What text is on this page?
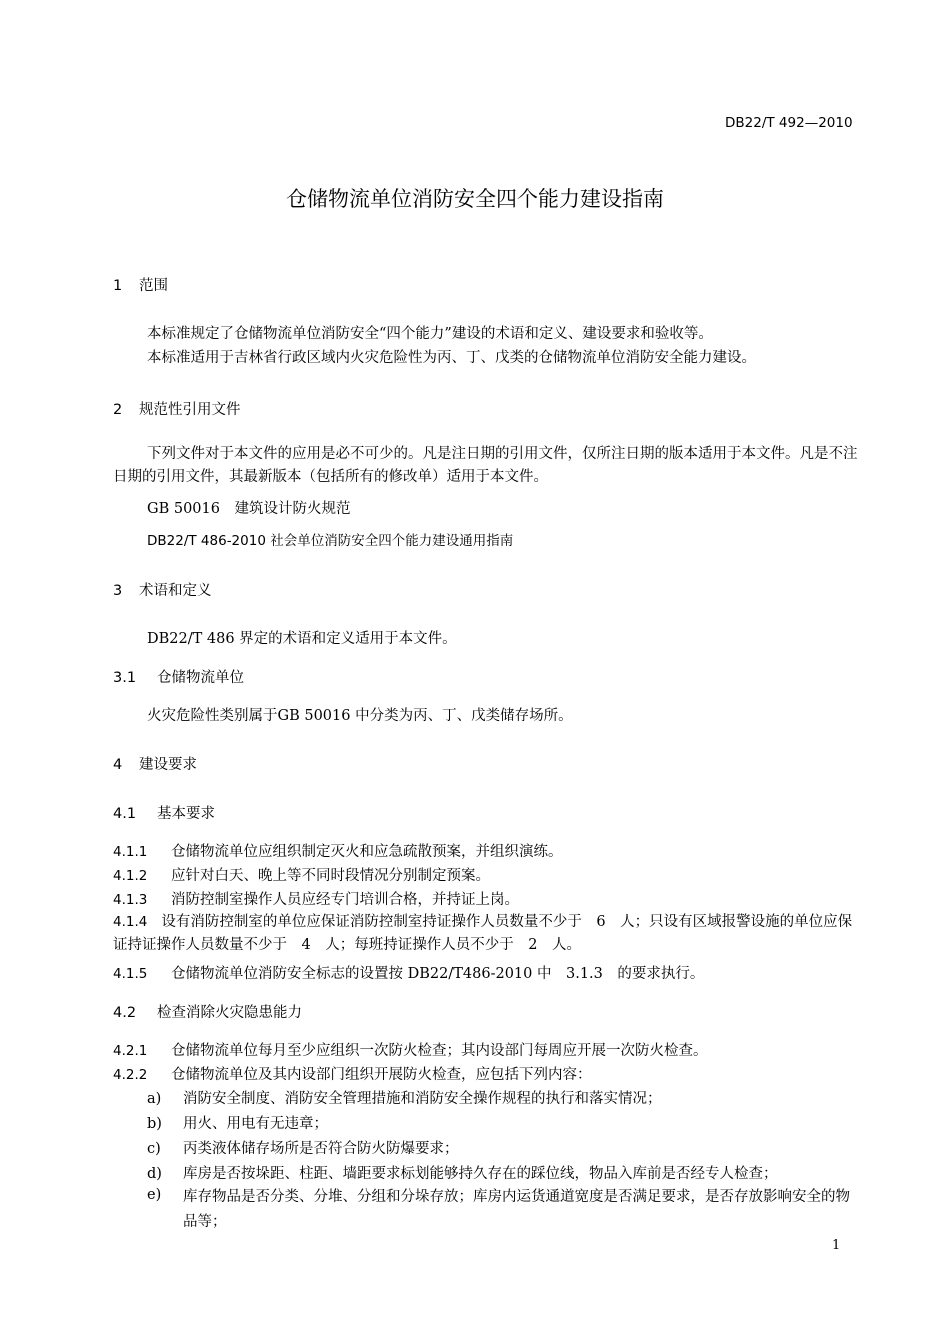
DB22/T 492—2010
仓储物流单位消防安全四个能力建设指南
1 范围
本标准规定了仓储物流单位消防安全“四个能力”建设的术语和定义、建设要求和验收等。
本标准适用于吉林省行政区域内火灾危险性为丙、丁、戊类的仓储物流单位消防安全能力建设。
2 规范性引用文件
下列文件对于本文件的应用是必不可少的。凡是注日期的引用文件，仅所注日期的版本适用于本文件。凡是不注日期的引用文件，其最新版本（包括所有的修改单）适用于本文件。
GB 50016　建筑设计防火规范
DB22/T 486-2010 社会单位消防安全四个能力建设通用指南
3 术语和定义
DB22/T 486 界定的术语和定义适用于本文件。
3.1 仓储物流单位
火灾危险性类别属于GB 50016 中分类为丙、丁、戊类储存场所。
4 建设要求
4.1 基本要求
4.1.1 仓储物流单位应组织制定灭火和应急疏散预案，并组织演练。
4.1.2 应针对白天、晚上等不同时段情况分别制定预案。
4.1.3 消防控制室操作人员应经专门培训合格，并持证上岗。
4.1.4 设有消防控制室的单位应保证消防控制室持证操作人员数量不少于　6　人；只设有区域报警设施的单位应保证持证操作人员数量不少于　4　人；每班持证操作人员不少于　2　人。
4.1.5 仓储物流单位消防安全标志的设置按 DB22/T486-2010 中　3.1.3　的要求执行。
4.2 检查消除火灾隐患能力
4.2.1 仓储物流单位每月至少应组织一次防火检查；其内设部门每周应开展一次防火检查。
4.2.2 仓储物流单位及其内设部门组织开展防火检查，应包括下列内容：
a) 消防安全制度、消防安全管理措施和消防安全操作规程的执行和落实情况；
b) 用火、用电有无违章；
c) 丙类液体储存场所是否符合防火防爆要求；
d) 库房是否按垛距、柱距、墙距要求标划能够持久存在的踩位线，物品入库前是否经专人检查；
e)	库存物品是否分类、分堆、分组和分垛存放；库房内运货通道宽度是否满足要求，是否存放影响安全的物品等；
1
